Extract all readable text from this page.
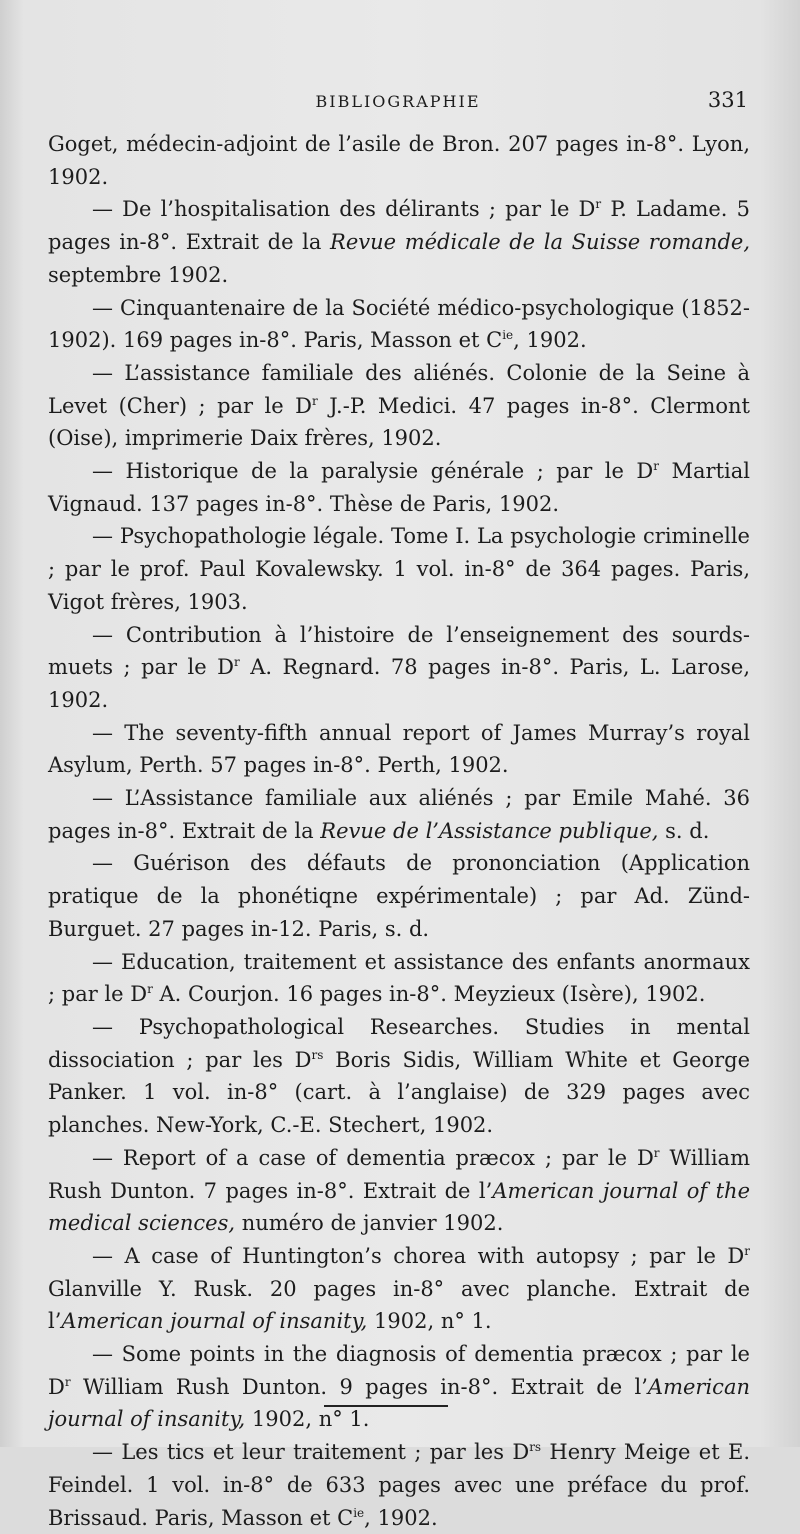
BIBLIOGRAPHIE	331

Goget, médecin-adjoint de l’asile de Bron. 207 pages in-8°. Lyon, 1902.

— De l’hospitalisation des délirants ; par le $D^r$ P. Ladame. 5 pages in-8°. Extrait de la Revue médicale de la Suisse romande, septembre 1902.

— Cinquantenaire de la Société médico-psychologique (1852-1902). 169 pages in-8°. Paris, Masson et $C^{ie}$, 1902.

— L’assistance familiale des aliénés. Colonie de la Seine à Levet (Cher) ; par le $D^r$ J.-P. Medici. 47 pages in-8°. Clermont (Oise), imprimerie Daix frères, 1902.

— Historique de la paralysie générale ; par le $D^r$ Martial Vignaud. 137 pages in-8°. Thèse de Paris, 1902.

— Psychopathologie légale. Tome I. La psychologie criminelle ; par le prof. Paul Kovalewsky. 1 vol. in-8° de 364 pages. Paris, Vigot frères, 1903.

— Contribution à l’histoire de l’enseignement des sourds-muets ; par le $D^r$ A. Regnard. 78 pages in-8°. Paris, L. Larose, 1902.

— The seventy-fifth annual report of James Murray’s royal Asylum, Perth. 57 pages in-8°. Perth, 1902.

— L’Assistance familiale aux aliénés ; par Emile Mahé. 36 pages in-8°. Extrait de la Revue de l’Assistance publique, s. d.

— Guérison des défauts de prononciation (Application pratique de la phonétiqne expérimentale) ; par Ad. Zünd-Burguet. 27 pages in-12. Paris, s. d.

— Education, traitement et assistance des enfants anormaux ; par le $D^r$ A. Courjon. 16 pages in-8°. Meyzieux (Isère), 1902.

— Psychopathological Researches. Studies in mental dissociation ; par les $D^{rs}$ Boris Sidis, William White et George Panker. 1 vol. in-8° (cart. à l’anglaise) de 329 pages avec planches. New-York, C.-E. Stechert, 1902.

— Report of a case of dementia præcox ; par le $D^r$ William Rush Dunton. 7 pages in-8°. Extrait de l’American journal of the medical sciences, numéro de janvier 1902.

— A case of Huntington’s chorea with autopsy ; par le $D^r$ Glanville Y. Rusk. 20 pages in-8° avec planche. Extrait de l’American journal of insanity, 1902, n° 1.

— Some points in the diagnosis of dementia præcox ; par le $D^r$ William Rush Dunton. 9 pages in-8°. Extrait de l’American journal of insanity, 1902, n° 1.

— Les tics et leur traitement ; par les $D^{rs}$ Henry Meige et E. Feindel. 1 vol. in-8° de 633 pages avec une préface du prof. Brissaud. Paris, Masson et $C^{ie}$, 1902.
